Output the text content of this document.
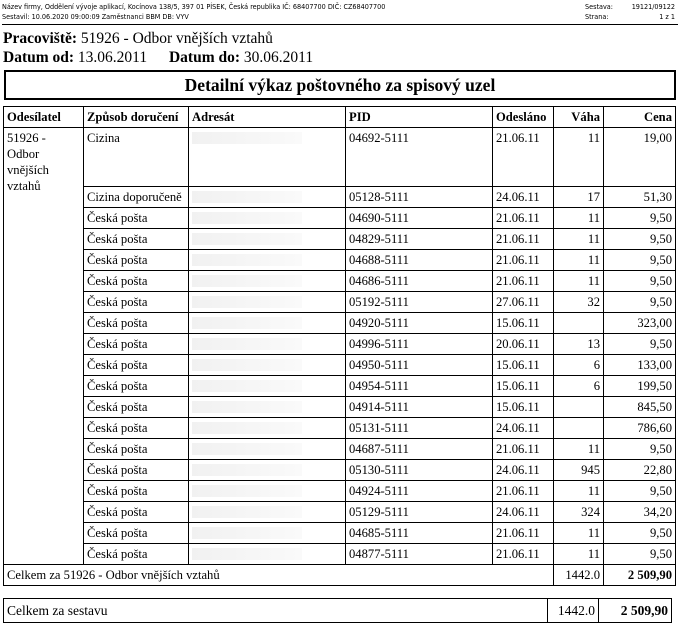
Název firmy, Oddělení vývoje aplikací, Kocínova 138/5, 397 01 PÍSEK, Česká republika IČ: 68407700 DIČ: CZ68407700
Sestavil: 10.06.2020 09:00:09 Zaměstnanci BBM DB: VYV
Sestava:	19121/09122
Strana:	1 z 1
Pracoviště: 51926 - Odbor vnějších vztahů
Datum od: 13.06.2011 Datum do: 30.06.2011
Detailní výkaz poštovného za spisový uzel
Odesílatel	Způsob doručení	Adresát	PID	Odesláno	Váha	Cena
51926 - Odbor vnějších vztahů	Cizina		04692-5111	21.06.11	11	19,00
	Cizina doporučeně		05128-5111	24.06.11	17	51,30
	Česká pošta		04690-5111	21.06.11	11	9,50
	Česká pošta		04829-5111	21.06.11	11	9,50
	Česká pošta		04688-5111	21.06.11	11	9,50
	Česká pošta		04686-5111	21.06.11	11	9,50
	Česká pošta		05192-5111	27.06.11	32	9,50
	Česká pošta		04920-5111	15.06.11		323,00
	Česká pošta		04996-5111	20.06.11	13	9,50
	Česká pošta		04950-5111	15.06.11	6	133,00
	Česká pošta		04954-5111	15.06.11	6	199,50
	Česká pošta		04914-5111	15.06.11		845,50
	Česká pošta		05131-5111	24.06.11		786,60
	Česká pošta		04687-5111	21.06.11	11	9,50
	Česká pošta		05130-5111	24.06.11	945	22,80
	Česká pošta		04924-5111	21.06.11	11	9,50
	Česká pošta		05129-5111	24.06.11	324	34,20
	Česká pošta		04685-5111	21.06.11	11	9,50
	Česká pošta		04877-5111	21.06.11	11	9,50
Celkem za 51926 - Odbor vnějších vztahů					1442.0	2 509,90
Celkem za sestavu	1442.0	2 509,90
